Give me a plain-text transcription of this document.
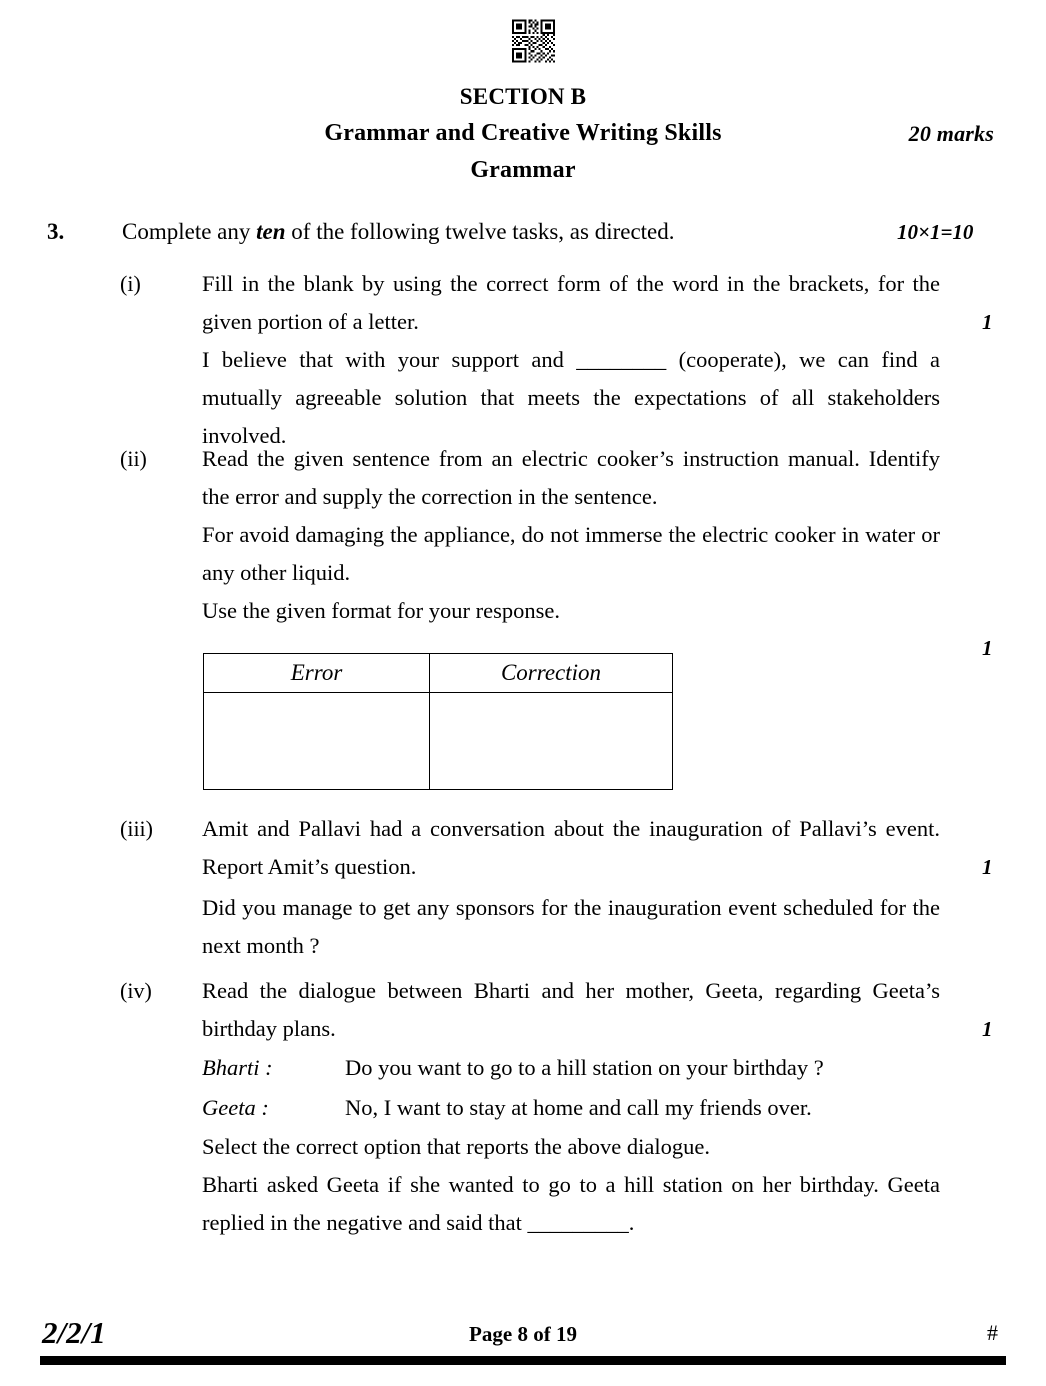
SECTION B
Grammar and Creative Writing Skills	20 marks
Grammar
3.	Complete any ten of the following twelve tasks, as directed.	10×1=10
(i)	Fill in the blank by using the correct form of the word in the brackets, for the given portion of a letter.

I believe that with your support and ________ (cooperate), we can find a mutually agreeable solution that meets the expectations of all stakeholders involved.

1
(ii)	Read the given sentence from an electric cooker’s instruction manual. Identify the error and supply the correction in the sentence.

For avoid damaging the appliance, do not immerse the electric cooker in water or any other liquid.

Use the given format for your response.

1
Error	Correction

(iii)	Amit and Pallavi had a conversation about the inauguration of Pallavi’s event. Report Amit’s question.

Did you manage to get any sponsors for the inauguration event scheduled for the next month ?

1
(iv)	Read the dialogue between Bharti and her mother, Geeta, regarding Geeta’s birthday plans.

Bharti :	Do you want to go to a hill station on your birthday ?
Geeta :	No, I want to stay at home and call my friends over.

Select the correct option that reports the above dialogue.

Bharti asked Geeta if she wanted to go to a hill station on her birthday. Geeta replied in the negative and said that _________.

1
2/2/1	Page 8 of 19	#
